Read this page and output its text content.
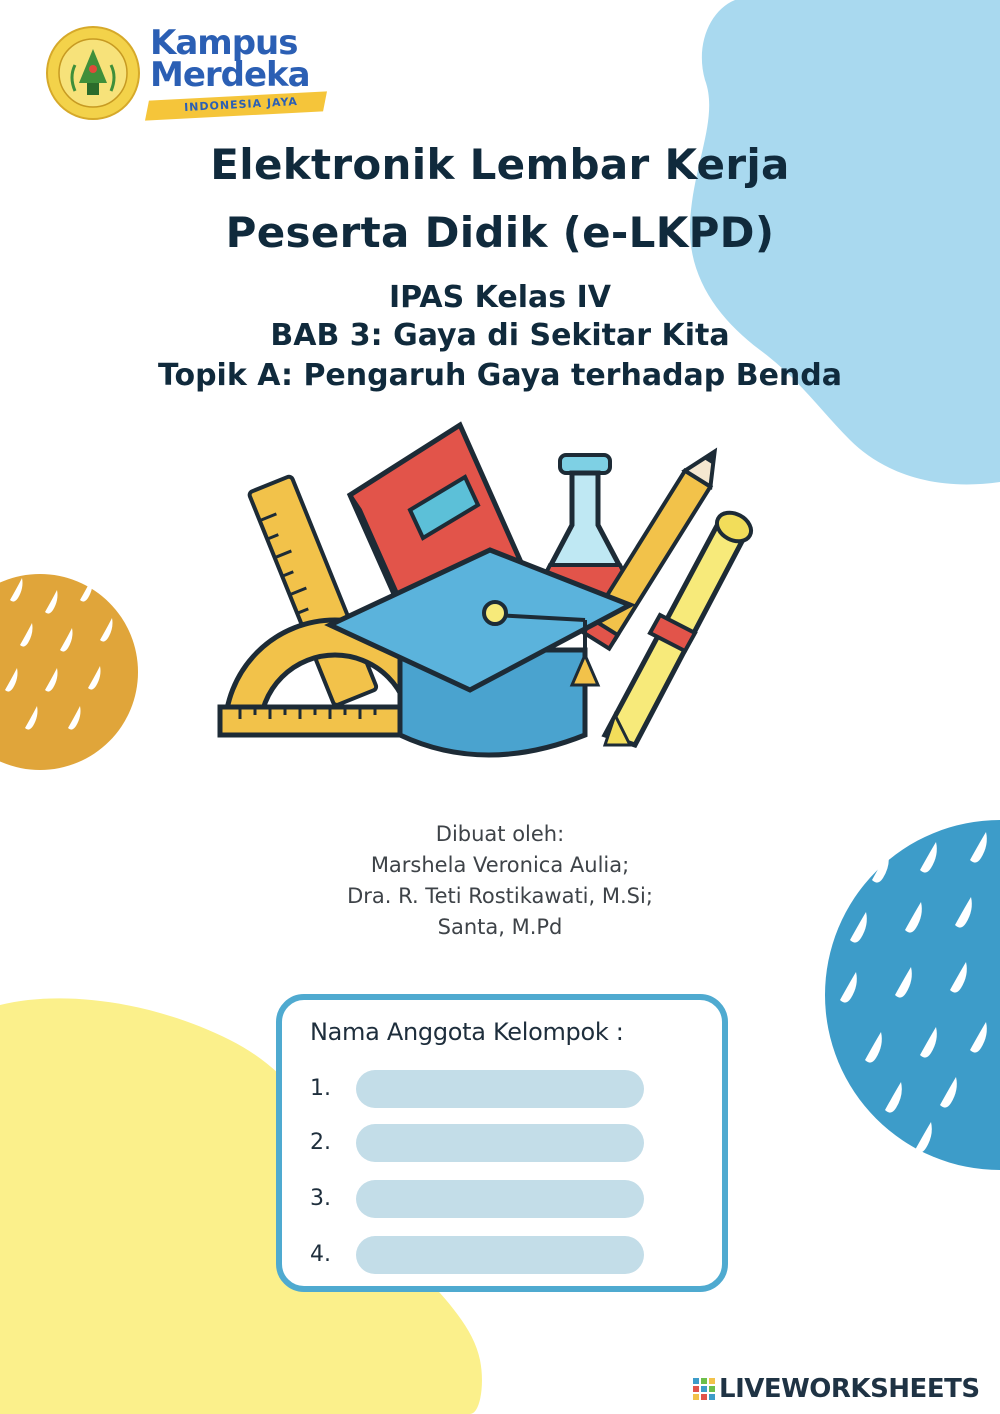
Kampus
Merdeka
INDONESIA JAYA
Elektronik Lembar Kerja
Peserta Didik (e-LKPD)
IPAS Kelas IV
BAB 3: Gaya di Sekitar Kita
Topik A: Pengaruh Gaya terhadap Benda
Dibuat oleh:
Marshela Veronica Aulia;
Dra. R. Teti Rostikawati, M.Si;
Santa, M.Pd
Nama Anggota Kelompok :
1.
2.
3.
4.
LIVEWORKSHEETS
